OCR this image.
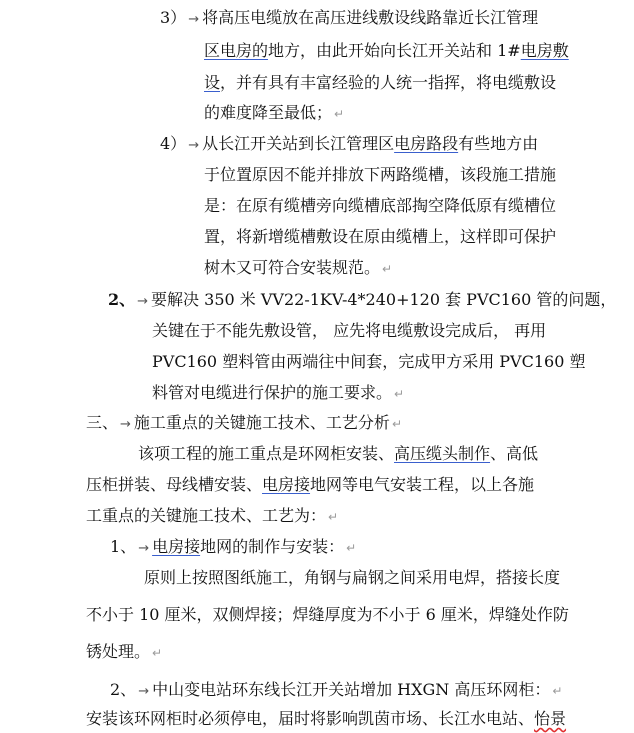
3） → 将高压电缆放在高压进线敷设线路靠近长江管理
区电房的地方，由此开始向长江开关站和 1#电房敷
设，并有具有丰富经验的人统一指挥，将电缆敷设
的难度降至最低； ↵
4） → 从长江开关站到长江管理区电房路段有些地方由
于位置原因不能并排放下两路缆槽，该段施工措施
是：在原有缆槽旁向缆槽底部掏空降低原有缆槽位
置，将新增缆槽敷设在原由缆槽上，这样即可保护
树木又可符合安装规范。 ↵
2、 → 要解决 350 米 VV22-1KV-4*240+120 套 PVC160 管的问题，
关键在于不能先敷设管， 应先将电缆敷设完成后， 再用
PVC160 塑料管由两端往中间套，完成甲方采用 PVC160 塑
料管对电缆进行保护的施工要求。 ↵
三、 → 施工重点的关键施工技术、工艺分析 ↵
该项工程的施工重点是环网柜安装、高压缆头制作、高低
压柜拼装、母线槽安装、电房接地网等电气安装工程，以上各施
工重点的关键施工技术、工艺为： ↵
1、 → 电房接地网的制作与安装： ↵
原则上按照图纸施工，角钢与扁钢之间采用电焊，搭接长度
不小于 10 厘米，双侧焊接；焊缝厚度为不小于 6 厘米，焊缝处作防
锈处理。 ↵
2、 → 中山变电站环东线长江开关站增加 HXGN 高压环网柜： ↵
安装该环网柜时必须停电，届时将影响凯茵市场、长江水电站、怡景
